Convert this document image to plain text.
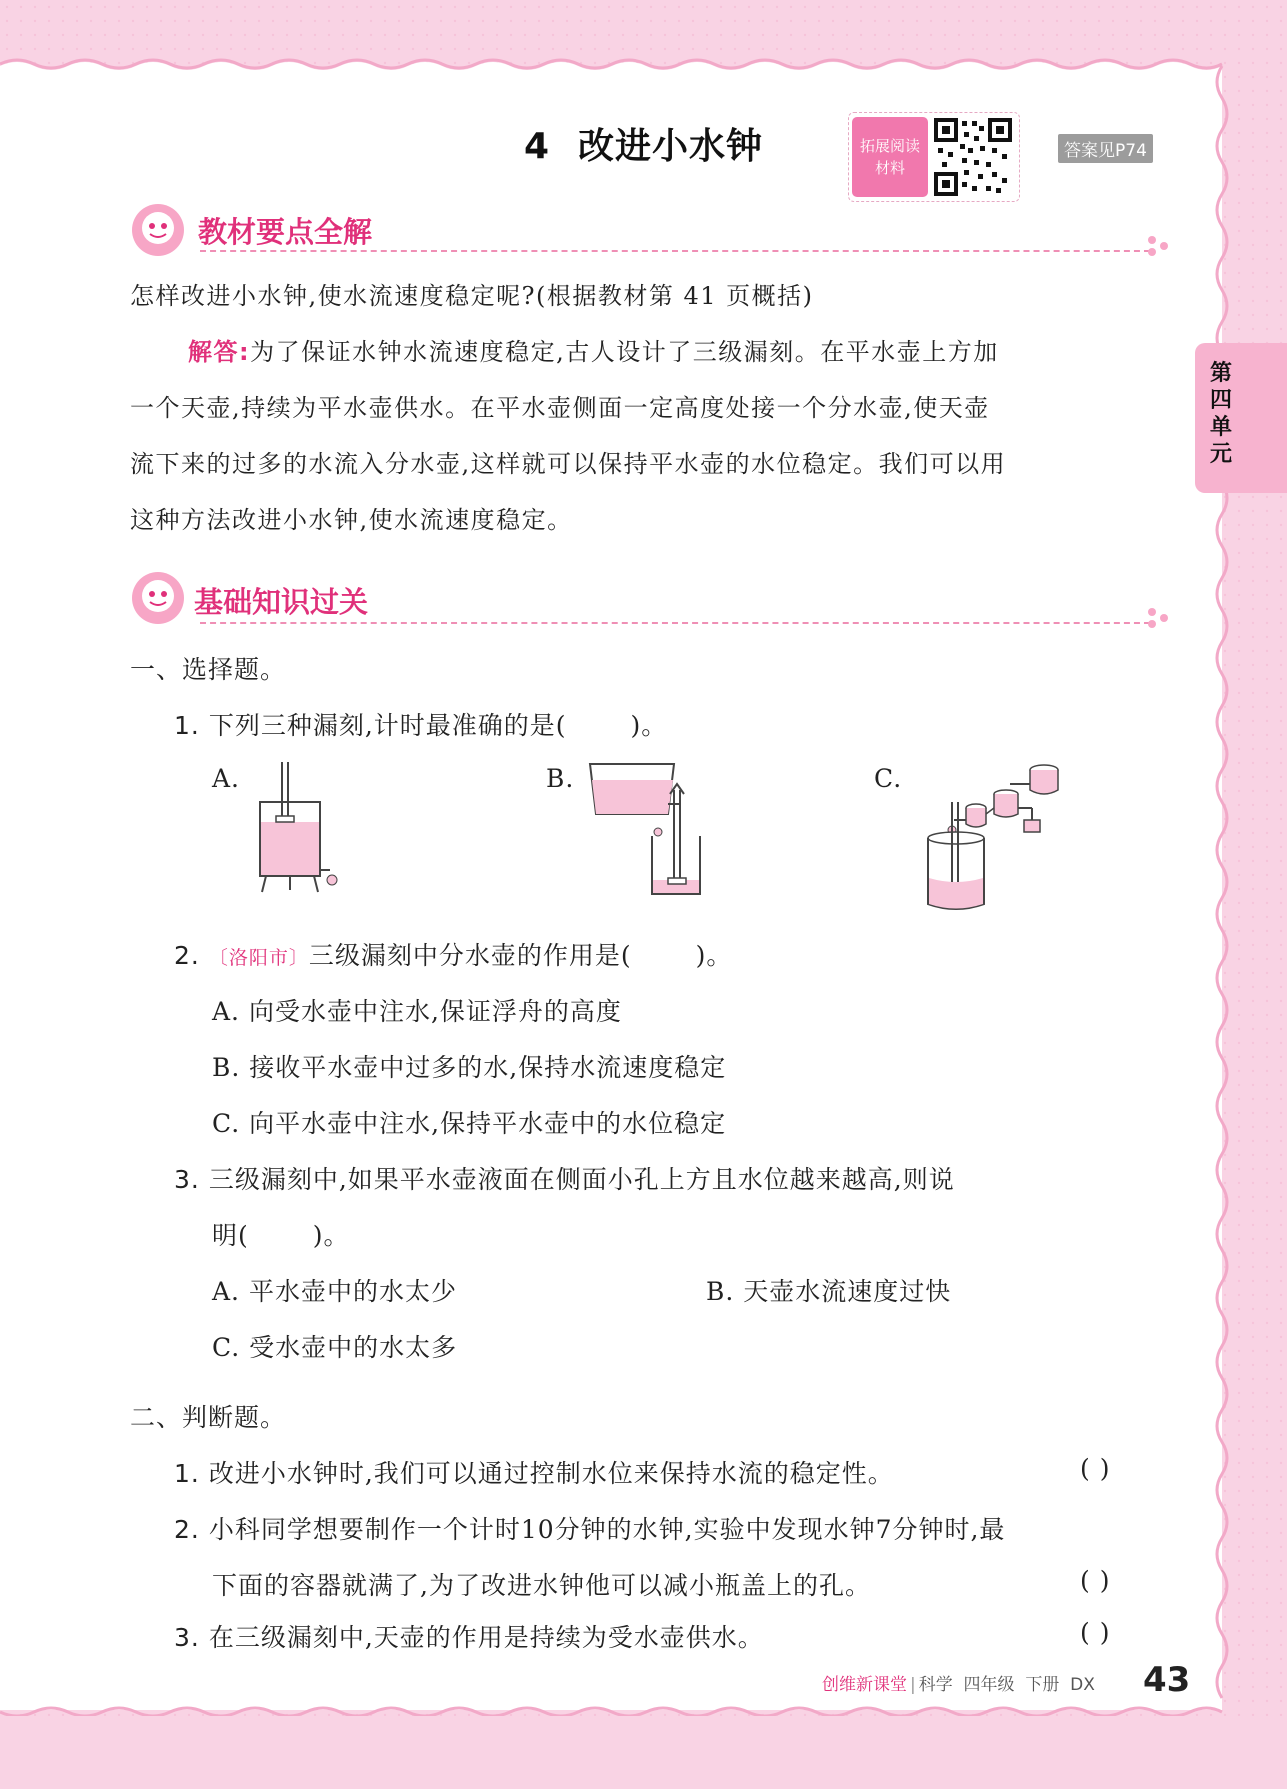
第
四
单
元
4 改进小水钟	拓展阅读
材料
答案见P74
教材要点全解
怎样改进小水钟,使水流速度稳定呢?(根据教材第 41 页概括)
解答:为了保证水钟水流速度稳定,古人设计了三级漏刻。在平水壶上方加
一个天壶,持续为平水壶供水。在平水壶侧面一定高度处接一个分水壶,使天壶
流下来的过多的水流入分水壶,这样就可以保持平水壶的水位稳定。我们可以用
这种方法改进小水钟,使水流速度稳定。
基础知识过关
一、选择题。
1. 下列三种漏刻,计时最准确的是(	)。
A.	B.	C.
2. 〔洛阳市〕三级漏刻中分水壶的作用是(	)。
A. 向受水壶中注水,保证浮舟的高度
B. 接收平水壶中过多的水,保持水流速度稳定
C. 向平水壶中注水,保持平水壶中的水位稳定
3. 三级漏刻中,如果平水壶液面在侧面小孔上方且水位越来越高,则说
明(	)。
A. 平水壶中的水太少	B. 天壶水流速度过快
C. 受水壶中的水太多
二、判断题。
1. 改进小水钟时,我们可以通过控制水位来保持水流的稳定性。	( )
2. 小科同学想要制作一个计时10分钟的水钟,实验中发现水钟7分钟时,最
下面的容器就满了,为了改进水钟他可以减小瓶盖上的孔。	( )
3. 在三级漏刻中,天壶的作用是持续为受水壶供水。	( )
创维新课堂 | 科学 四年级 下册 DX 43
